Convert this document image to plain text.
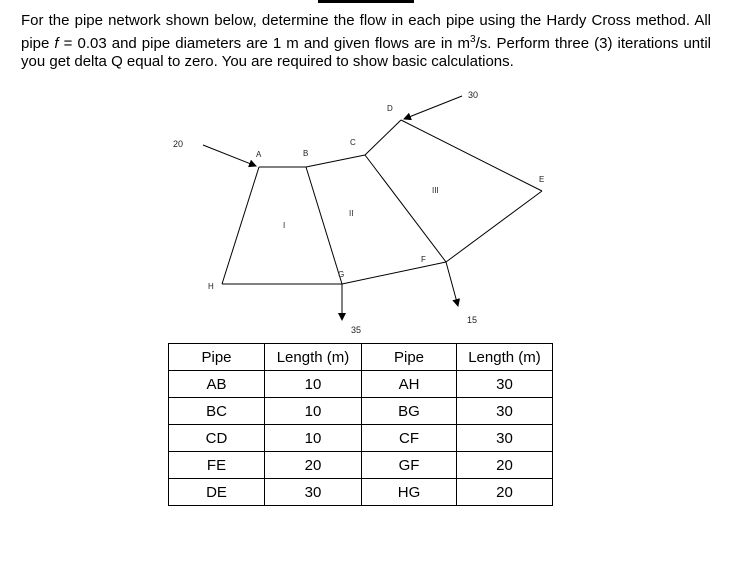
For the pipe network shown below, determine the flow in each pipe using the Hardy Cross method. All pipe f = 0.03 and pipe diameters are 1 m and given flows are in $m^3/s$. Perform three (3) iterations until you get delta Q equal to zero. You are required to show basic calculations.

A	B
C
D
E
F
G
H
I
II
III
20
30
35
15
Pipe	Length (m)	Pipe	Length (m)
AB	10	AH	30
BC	10	BG	30
CD	10	CF	30
FE	20	GF	20
DE	30	HG	20
